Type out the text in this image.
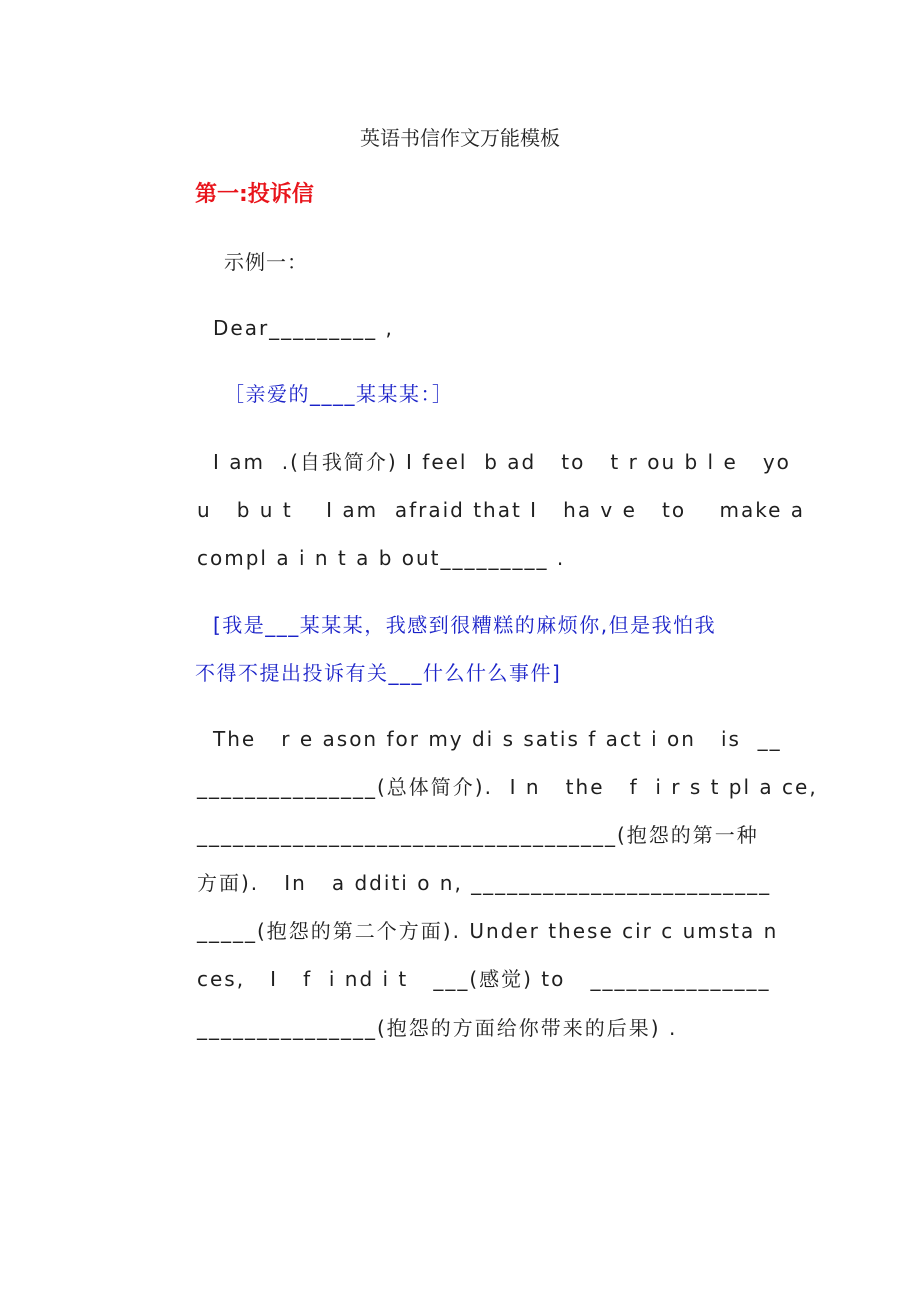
英语书信作文万能模板
第一:投诉信
示例一：
Dear_________ ,
［亲爱的____某某某：］
I am  .(自我简介) I feel  b ad   to   t r ou b l e   yo
u   b u t    I am  afraid that I   ha v e   to    make a
compl a i n t a b out_________ .
[我是___某某某，我感到很糟糕的麻烦你,但是我怕我
不得不提出投诉有关___什么什么事件]
The   r e ason for my di s satis f act i on   is  __
_______________(总体简介).  I n   the   f  i r s t pl a ce,
___________________________________(抱怨的第一种
方面).   In   a dditi o n, _________________________
_____(抱怨的第二个方面). Under these cir c umsta n
ces,   I   f  i nd i t   ___(感觉) to   _______________
_______________(抱怨的方面给你带来的后果) .
